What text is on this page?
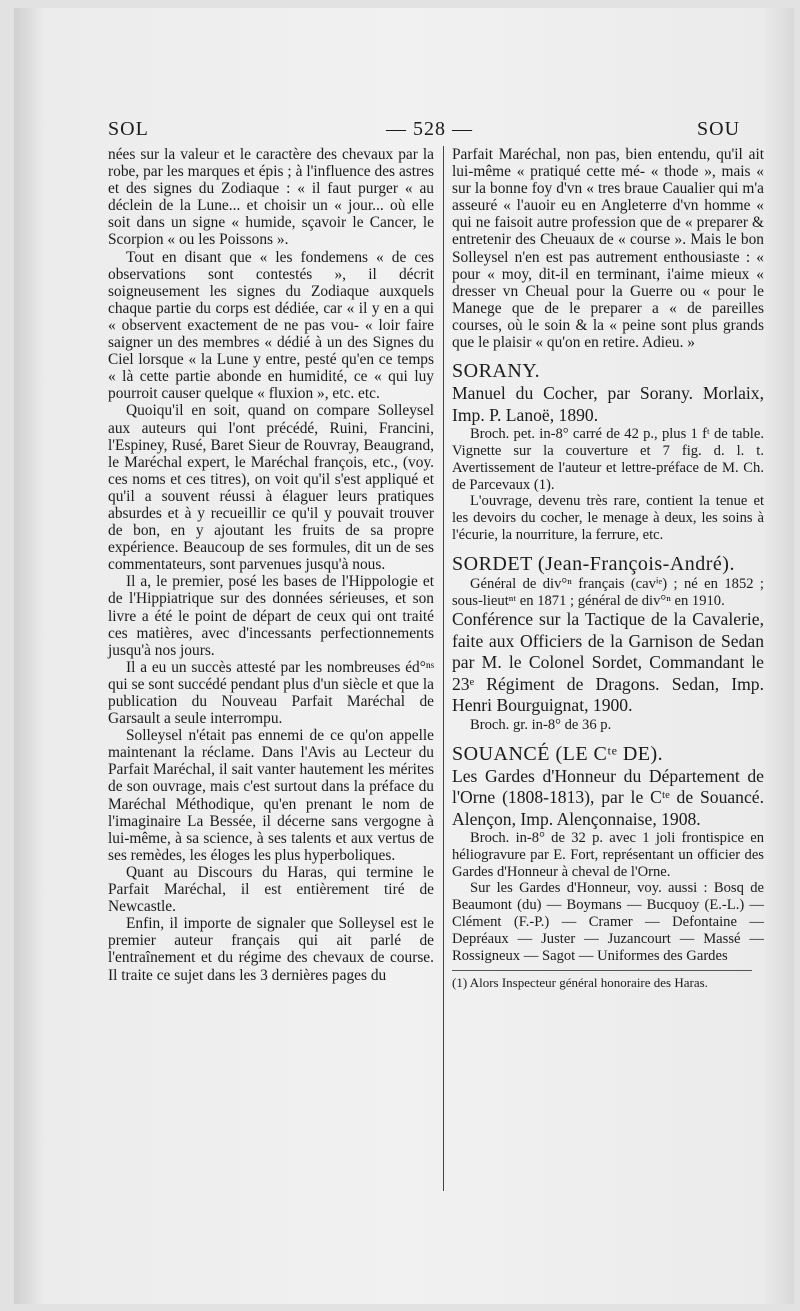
SOL	— 528 —	SOU

nées sur la valeur et le caractère des chevaux par la robe, par les marques et épis ; à l'influence des astres et des signes du Zodiaque : « il faut purger « au déclein de la Lune... et choisir un « jour... où elle soit dans un signe « humide, sçavoir le Cancer, le Scorpion « ou les Poissons ».

Tout en disant que « les fondemens « de ces observations sont contestés », il décrit soigneusement les signes du Zodiaque auxquels chaque partie du corps est dédiée, car « il y en a qui « observent exactement de ne pas vou- « loir faire saigner un des membres « dédié à un des Signes du Ciel lorsque « la Lune y entre, pesté qu'en ce temps « là cette partie abonde en humidité, ce « qui luy pourroit causer quelque « fluxion », etc. etc.

Quoiqu'il en soit, quand on compare Solleysel aux auteurs qui l'ont précédé, Ruini, Francini, l'Espiney, Rusé, Baret Sieur de Rouvray, Beaugrand, le Maréchal expert, le Maréchal françois, etc., (voy. ces noms et ces titres), on voit qu'il s'est appliqué et qu'il a souvent réussi à élaguer leurs pratiques absurdes et à y recueillir ce qu'il y pouvait trouver de bon, en y ajoutant les fruits de sa propre expérience. Beaucoup de ses formules, dit un de ses commentateurs, sont parvenues jusqu'à nous.

Il a, le premier, posé les bases de l'Hippologie et de l'Hippiatrique sur des données sérieuses, et son livre a été le point de départ de ceux qui ont traité ces matières, avec d'incessants perfectionnements jusqu'à nos jours.

Il a eu un succès attesté par les nombreuses éd°ⁿˢ qui se sont succédé pendant plus d'un siècle et que la publication du Nouveau Parfait Maréchal de Garsault a seule interrompu.

Solleysel n'était pas ennemi de ce qu'on appelle maintenant la réclame. Dans l'Avis au Lecteur du Parfait Maréchal, il sait vanter hautement les mérites de son ouvrage, mais c'est surtout dans la préface du Maréchal Méthodique, qu'en prenant le nom de l'imaginaire La Bessée, il décerne sans vergogne à lui-même, à sa science, à ses talents et aux vertus de ses remèdes, les éloges les plus hyperboliques.

Quant au Discours du Haras, qui termine le Parfait Maréchal, il est entièrement tiré de Newcastle.

Enfin, il importe de signaler que Solleysel est le premier auteur français qui ait parlé de l'entraînement et du régime des chevaux de course. Il traite ce sujet dans les 3 dernières pages du

Parfait Maréchal, non pas, bien entendu, qu'il ait lui-même « pratiqué cette mé- « thode », mais « sur la bonne foy d'vn « tres braue Caualier qui m'a asseuré « l'auoir eu en Angleterre d'vn homme « qui ne faisoit autre profession que de « preparer & entretenir des Cheuaux de « course ». Mais le bon Solleysel n'en est pas autrement enthousiaste : « pour « moy, dit-il en terminant, i'aime mieux « dresser vn Cheual pour la Guerre ou « pour le Manege que de le preparer a « de pareilles courses, où le soin & la « peine sont plus grands que le plaisir « qu'on en retire. Adieu. »

SORANY.

Manuel du Cocher, par Sorany. Morlaix, Imp. P. Lanoë, 1890.

Broch. pet. in-8° carré de 42 p., plus 1 fᵗ de table. Vignette sur la couverture et 7 fig. d. l. t. Avertissement de l'auteur et lettre-préface de M. Ch. de Parcevaux (1).

L'ouvrage, devenu très rare, contient la tenue et les devoirs du cocher, le menage à deux, les soins à l'écurie, la nourriture, la ferrure, etc.

SORDET (Jean-François-André).

Général de div°ⁿ français (cavⁱᵉ) ; né en 1852 ; sous-lieutⁿᵗ en 1871 ; général de div°ⁿ en 1910.

Conférence sur la Tactique de la Cavalerie, faite aux Officiers de la Garnison de Sedan par M. le Colonel Sordet, Commandant le 23ᵉ Régiment de Dragons. Sedan, Imp. Henri Bourguignat, 1900.

Broch. gr. in-8° de 36 p.

SOUANCÉ (LE Cᵗᵉ DE).

Les Gardes d'Honneur du Département de l'Orne (1808-1813), par le Cᵗᵉ de Souancé. Alençon, Imp. Alençonnaise, 1908.

Broch. in-8° de 32 p. avec 1 joli frontispice en héliogravure par E. Fort, représentant un officier des Gardes d'Honneur à cheval de l'Orne.

Sur les Gardes d'Honneur, voy. aussi : Bosq de Beaumont (du) — Boymans — Bucquoy (E.-L.) — Clément (F.-P.) — Cramer — Defontaine — Depréaux — Juster — Juzancourt — Massé — Rossigneux — Sagot — Uniformes des Gardes

(1) Alors Inspecteur général honoraire des Haras.
